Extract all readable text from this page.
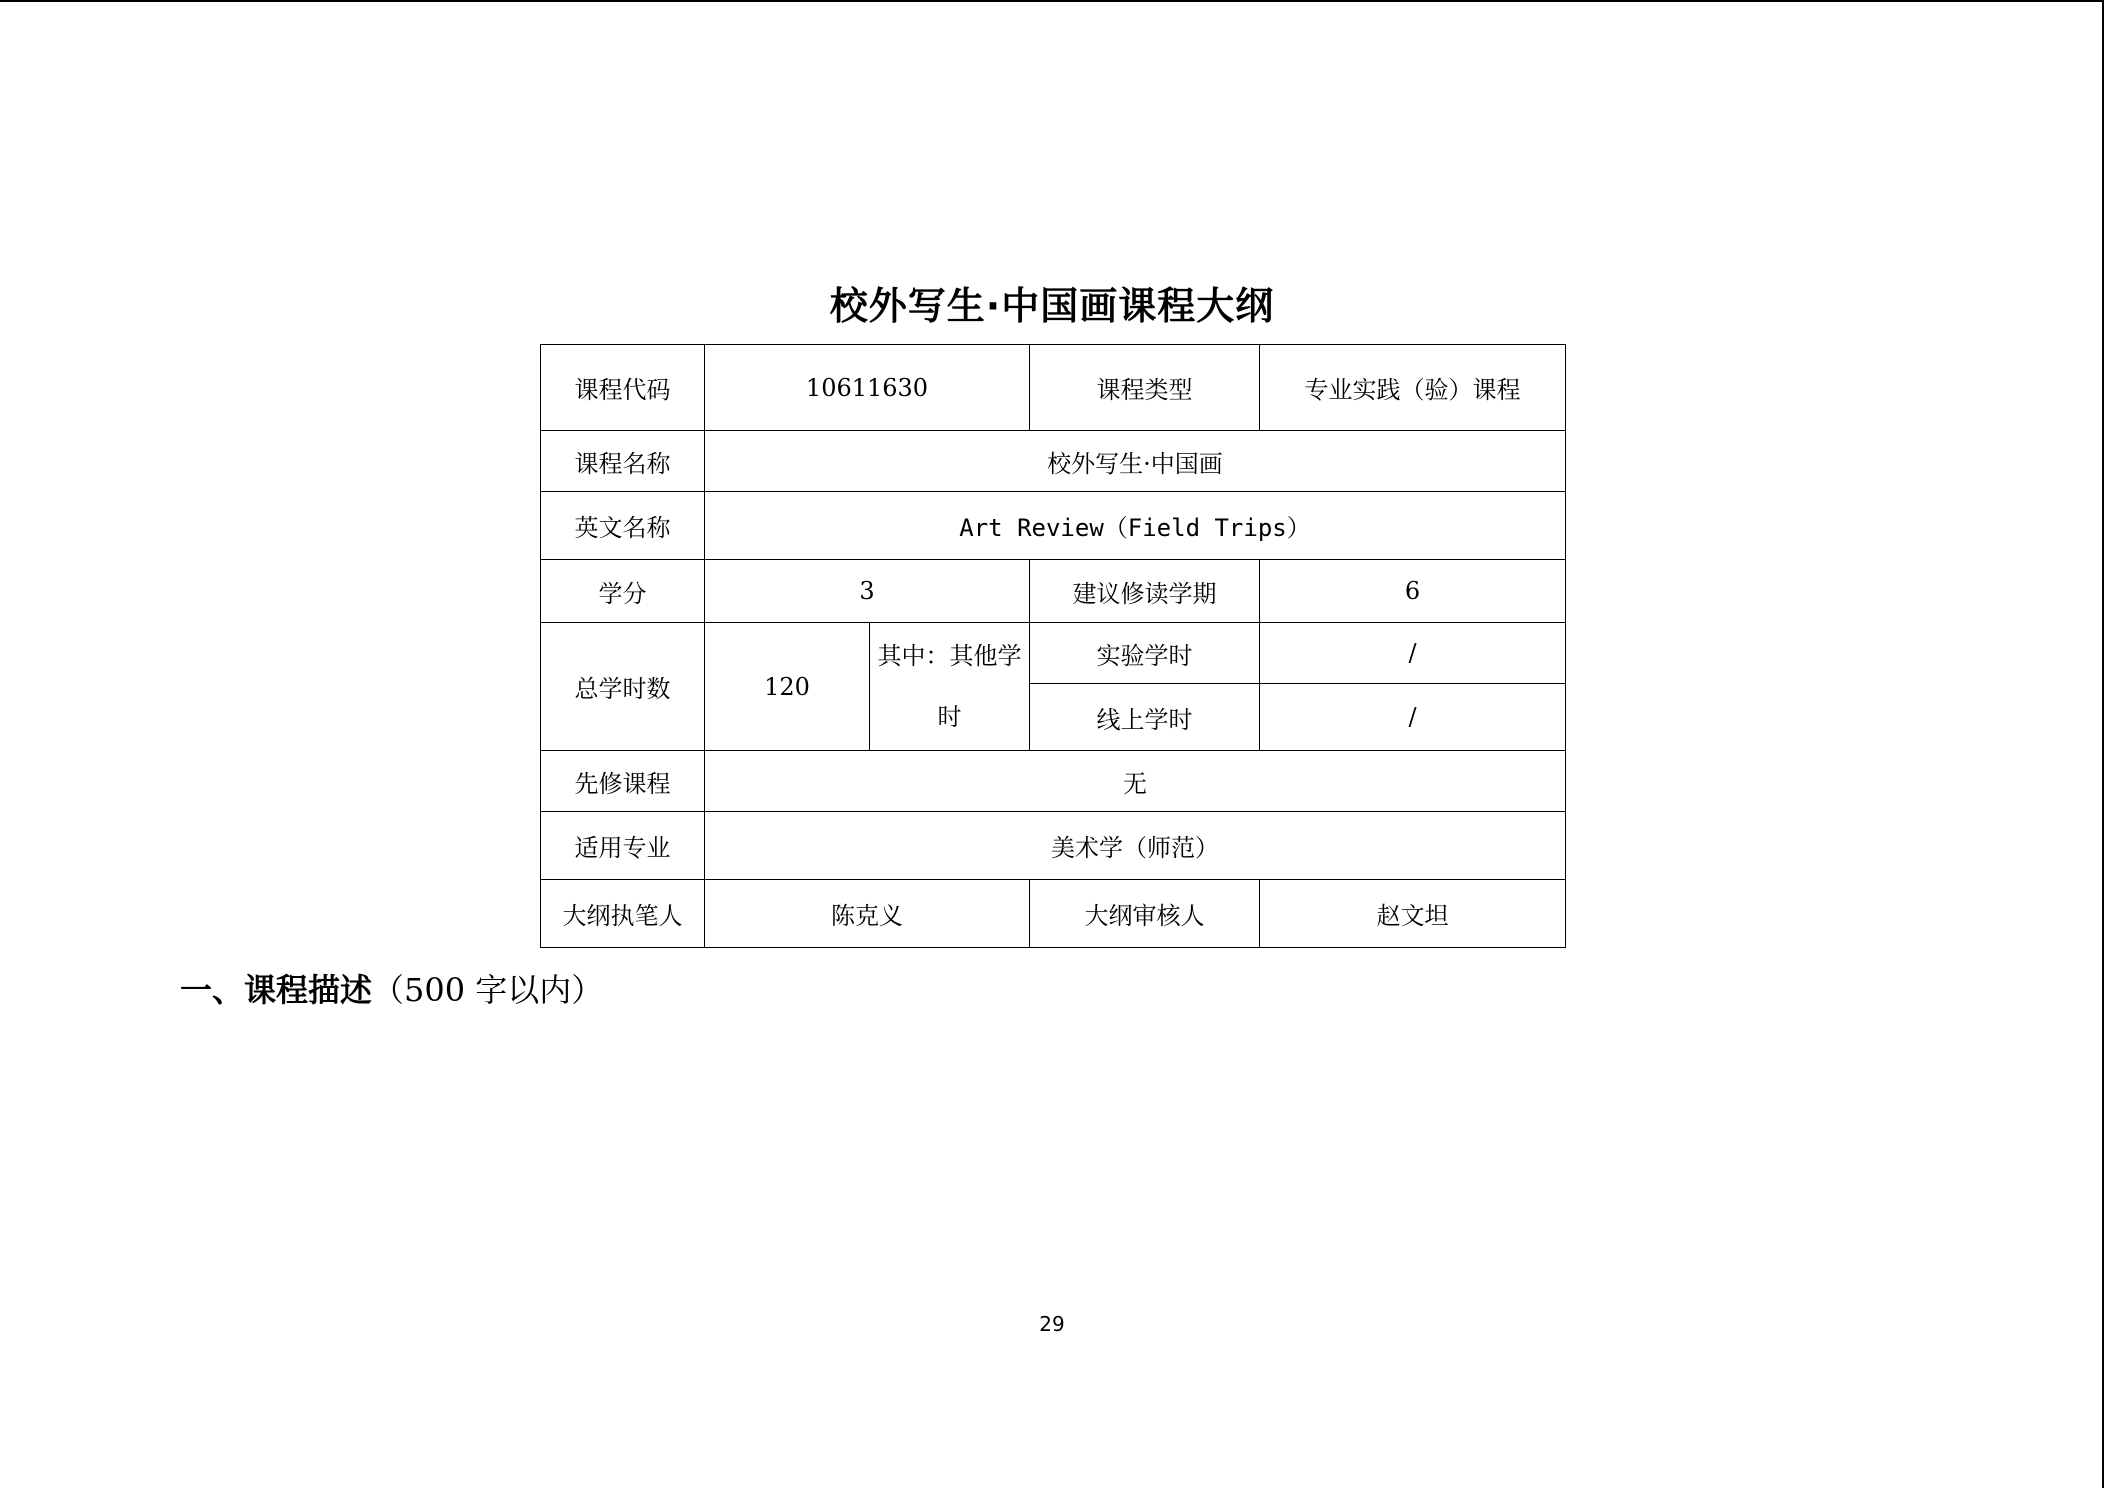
校外写生·中国画课程大纲
课程代码	10611630		课程类型	专业实践（验）课程
课程名称	校外写生·中国画			
英文名称	Art Review（Field Trips）			
学分	3		建议修读学期	6
总学时数	120	其中：其他学时	实验学时	/
			线上学时	/
先修课程	无			
适用专业	美术学（师范）			
大纲执笔人	陈克义		大纲审核人	赵文坦
一、课程描述（500 字以内）
29
